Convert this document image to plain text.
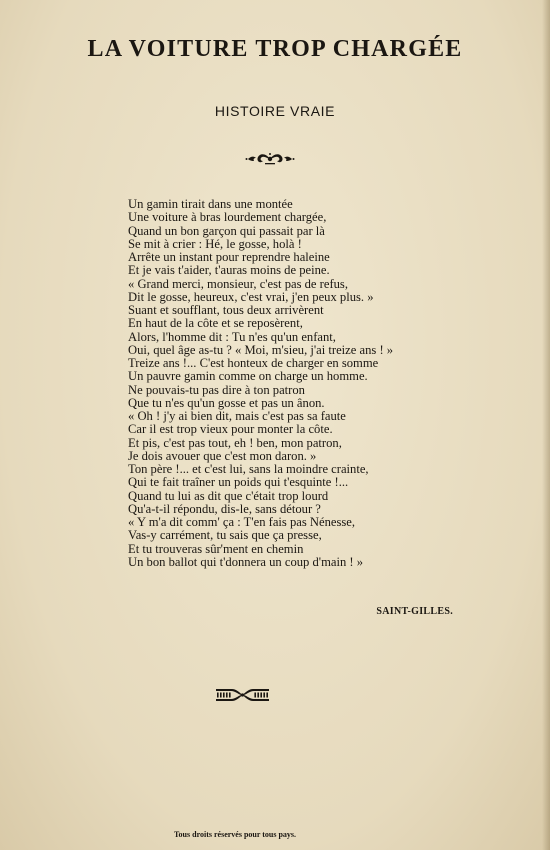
LA VOITURE TROP CHARGÉE
HISTOIRE VRAIE
Un gamin tirait dans une montée
Une voiture à bras lourdement chargée,
Quand un bon garçon qui passait par là
Se mit à crier : Hé, le gosse, holà !
Arrête un instant pour reprendre haleine
Et je vais t'aider, t'auras moins de peine.
« Grand merci, monsieur, c'est pas de refus,
Dit le gosse, heureux, c'est vrai, j'en peux plus. »
Suant et soufflant, tous deux arrivèrent
En haut de la côte et se reposèrent,
Alors, l'homme dit : Tu n'es qu'un enfant,
Oui, quel âge as-tu ? « Moi, m'sieu, j'ai treize ans ! »
Treize ans !... C'est honteux de charger en somme
Un pauvre gamin comme on charge un homme.
Ne pouvais-tu pas dire à ton patron
Que tu n'es qu'un gosse et pas un ânon.
« Oh ! j'y ai bien dit, mais c'est pas sa faute
Car il est trop vieux pour monter la côte.
Et pis, c'est pas tout, eh ! ben, mon patron,
Je dois avouer que c'est mon daron. »
Ton père !... et c'est lui, sans la moindre crainte,
Qui te fait traîner un poids qui t'esquinte !...
Quand tu lui as dit que c'était trop lourd
Qu'a-t-il répondu, dis-le, sans détour ?
« Y m'a dit comm' ça : T'en fais pas Nénesse,
Vas-y carrément, tu sais que ça presse,
Et tu trouveras sûr'ment en chemin
Un bon ballot qui t'donnera un coup d'main ! »
SAINT-GILLES.
Tous droits réservés pour tous pays.
